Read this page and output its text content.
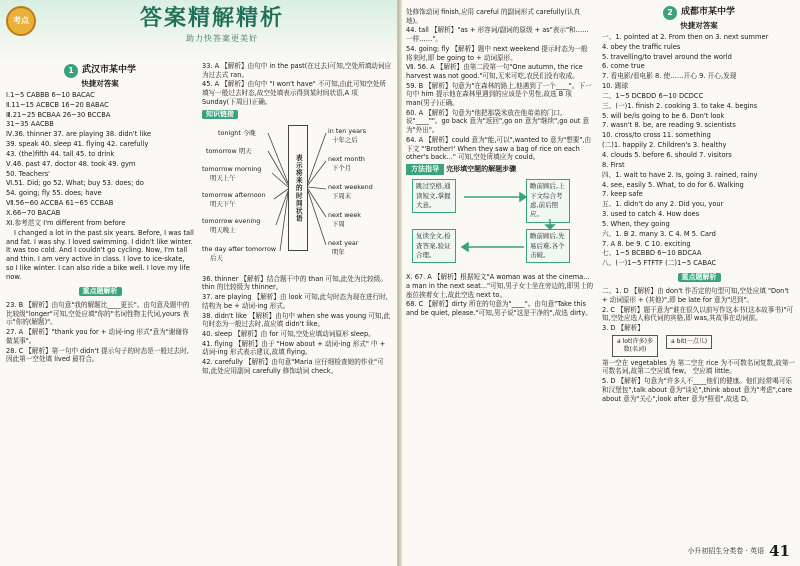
考点	答案精解精析
助力快答案更美好
1 武汉市某中学
快捷对答案

Ⅰ.1~5 CABBB 6~10 BACAC

Ⅱ.11~15 ACBCB 16~20 BABAC

Ⅲ.21~25 BCBAA 26~30 BCCBA

31~35 AACBB

Ⅳ.36. thinner 37. are playing 38. didn't like

39. speak 40. sleep 41. flying 42. carefully

43. (the)fifth 44. tall 45. to drink

Ⅴ.46. past 47. doctor 48. took 49. gym

50. Teachers'

Ⅵ.51. Did; go 52. What; buy 53. does; do

54. going; fly 55. does; have

Ⅶ.56~60 ACCBA 61~65 CCBAB

Ⅹ.66~70 BACAB

Ⅺ.参考范文 I'm different from before

I changed a lot in the past six years. Before, I was tall and fat. I was shy. I loved swimming. I didn't like winter. It was too cold. And I couldn't go cycling. Now, I'm tall and thin. I am very active in class. I love to ice-skate, so I like winter. I can also ride a bike well. I love my life now.

重点题解析

23. B 【解析】由句意"我的解题比____更长"。由句意及题中的比较级"longer"可知,空处应填"你的"名词性物主代词,yours 表示"你的(解题)"。

27. A 【解析】"thank you for + 动词-ing 形式"意为"谢谢你做某事"。

28. C 【解析】第一句中 didn't 提示句子的时态是一般过去时,因此第一空处填 lived 最符合。

33. A 【解析】由句中 in the past(在过去)可知,空处所填动词应为过去式 ran。

45. A 【解析】由句中 "I won't have" 不可知,由此可知空处所填写一般过去时态,故空处填表示得到某时间状语,A 项 Sunday(下周日)正确。

知识链接
tonight 今晚
tomorrow 明天
tomorrow morning
明天上午
tomorrow afternoon
明天下午
tomorrow evening
明天晚上
the day after tomorrow
后天
表示将来的时间状语
in ten years
十年之后
next month
下个月
next weekend
下周末
next week
下周
next year
明年

36. thinner 【解析】结合题干中的 than 可知,此处为比较级。thin 的比较级为 thinner。

37. are playing 【解析】由 look 可知,此句时态为现在进行时,结构为 be + 动词-ing 形式。

38. didn't like 【解析】由句中 when she was young 可知,此句时态为一般过去时,故应填 didn't like。

40. sleep 【解析】由 for 可知,空处应填动词原形 sleep。

41. flying 【解析】由于 "How about + 动词-ing 形式" 中 + 动词-ing 形式表示建议,故填 flying。

42. carefully 【解析】由句意"Maria 应仔细检查她的作业"可知,此处应用副词 carefully 修饰动词 check。

处修饰动词 finish,应用 careful 的副词形式 carefully(认真地)。

44. tall 【解析】"as + 形容词/副词的原级 + as"表示"和……一样……"。

54. going; fly 【解析】题中 next weekend 提示时态为一般将来时,即 be going to + 动词原形。

Ⅶ. 56. A 【解析】由第二段第一句"One autumn, the rice harvest was not good."可知,无米可吃,农民们没有收成。

59. B 【解析】句意为"在森林的路上,他遇到了一个____"。下一句中 him 提示他在森林里遇到的应该是个男性,故选 B 项 man(男子)正确。

60. A 【解析】句意为"他把那袋米放在他弟弟的门口,说"____""。go back 意为"返回",go on 意为"继续",go out 意为"外出"。

64. A 【解析】could 意为"能,可以",wanted to 意为"想要",由下文 "'Brother!' When they saw a bag of rice on each other's back..." 可知,空处所填应为 could。

方法指导 完形填空题的解题步骤
跳过空格,通读短文,掌握大意。
瞻前顾后,上下文综合考虑,前后照应。
复读全文,检查答案,验证合理。
瞻前顾后,先易后难,各个击破。

Ⅹ. 67. A 【解析】根据短文"A woman was at the cinema... a man in the next seat..."可知,男子女士坐在旁边的,即男士的座位挨着女士,故此空选 next to。

68. C 【解析】dirty 所在的句意为"____"。由句意"Take this and be quiet, please."可知,男子说"这是干净的",故选 dirty。

2 成都市某中学
快捷对答案

一、1. pointed at 2. From then on 3. next summer

4. obey the traffic rules

5. travelling/to travel around the world

6. come true

7. 看电影/看电影 8. 使……开心 9. 开心,发现

10. 踢球

二、1~5 DCBDD 6~10 DCDCC

三、(一)1. finish 2. cooking 3. to take 4. begins

5. will be/is going to be 6. Don't look

7. wasn't 8. be, are reading 9. scientists

10. cross/to cross 11. something

(二)1. happily 2. Children's 3. healthy

4. clouds 5. before 6. should 7. visitors

8. First

四、1. wait to have 2. Is, going 3. rained, rainy

4. see, easily 5. What, to do for 6. Walking

7. keep safe

五、1. didn't do any 2. Did you, your

3. used to catch 4. How does

5. When, they going

六、1. B 2. many 3. C 4. M 5. Card

7. A 8. be 9. C 10. exciting

七、1~5 BCBBD 6~10 BDCAA

八、(一)1~5 FTFTF (二)1~5 CABAC

重点题解析

二、1. D 【解析】由 don't 作否定的句型可知,空处应填 "Don't + 动词原形 + (其他)",即 be late for 意为"迟到"。

2. C 【解析】题干意为"谁在很久以前写作这本书(这本故事书)"可知,空处应选人称代词的宾格,即 was,其故事在动词前。

3. D 【解析】

a lot(许多)多数(名词) a bit(一点儿)

第一空在 vegetables 为 第二空在 rice 为不可数名词复数,故第一 可数名词,故第二空应填 few。 空应填 little。

5. D 【解析】句意为"许多人不____他们的健康。他们经常喝可乐和汉堡包",talk about 意为"谈论",think about 意为"考虑",care about 意为"关心",look after 意为"照看",故选 D。

小升初招生分类卷 · 英语 41
